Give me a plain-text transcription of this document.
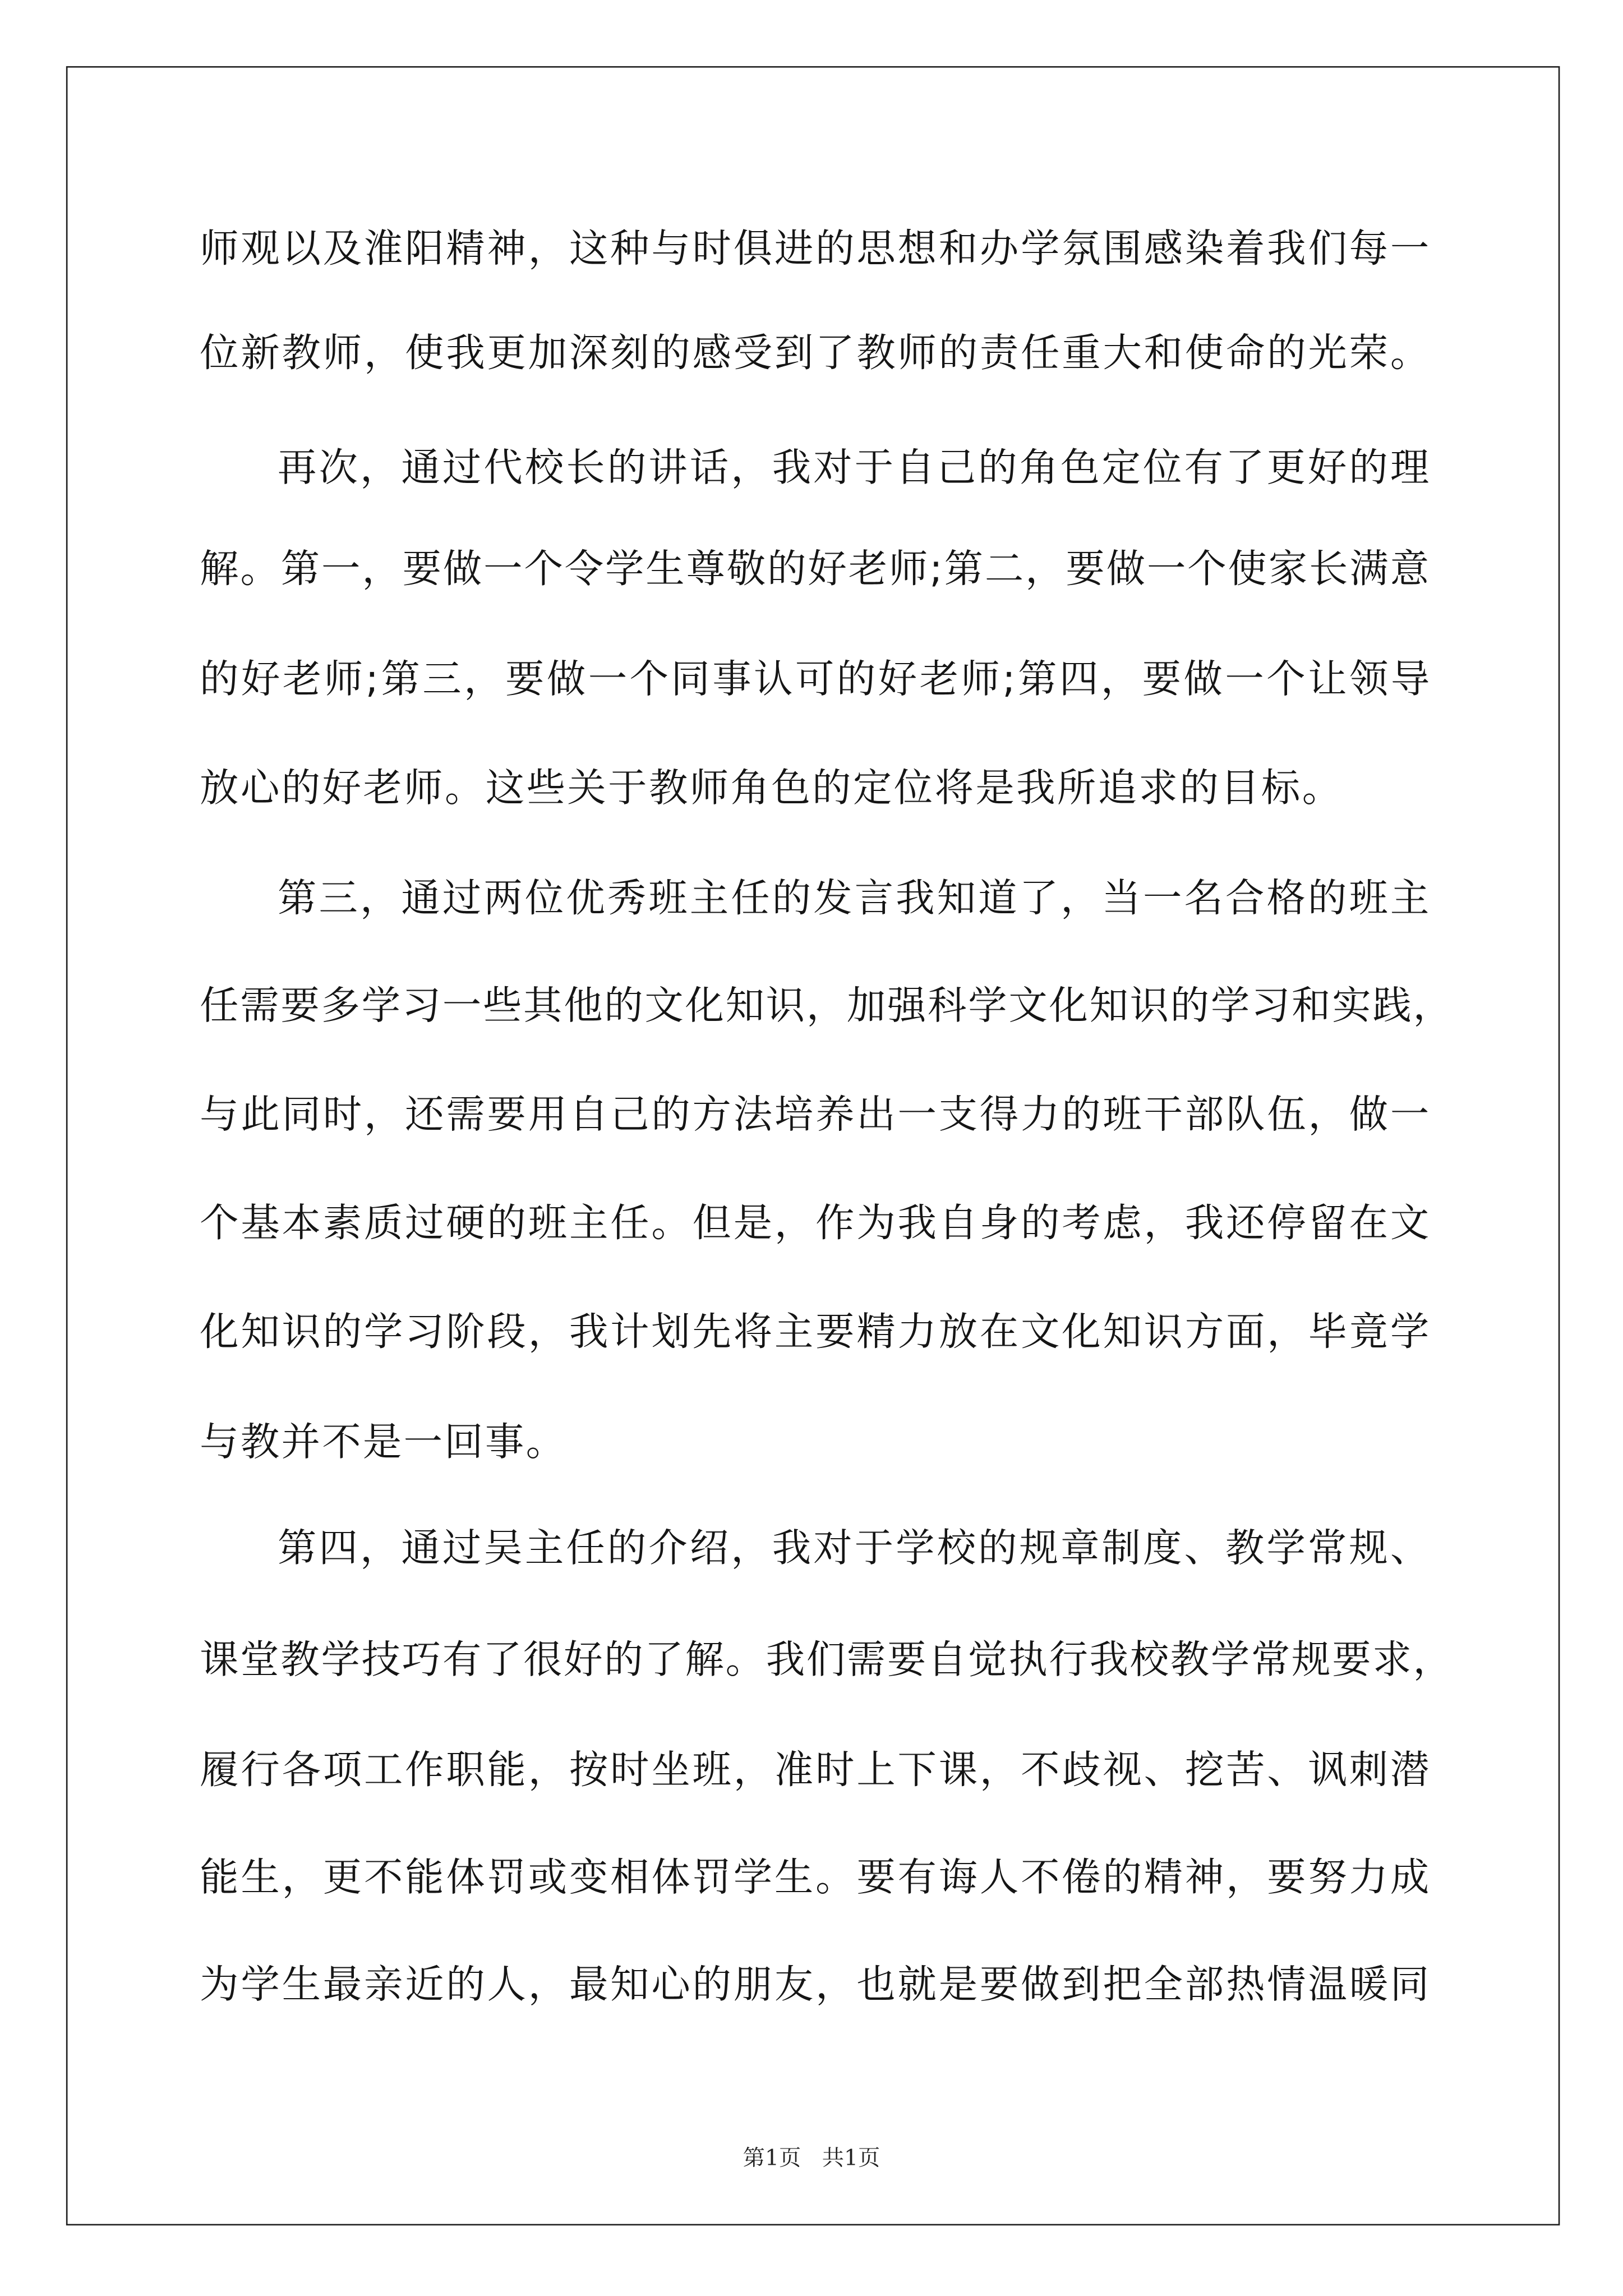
师观以及淮阳精神，这种与时俱进的思想和办学氛围感染着我们每一
位新教师，使我更加深刻的感受到了教师的责任重大和使命的光荣。
再次，通过代校长的讲话，我对于自己的角色定位有了更好的理
解。第一，要做一个令学生尊敬的好老师;第二，要做一个使家长满意
的好老师;第三，要做一个同事认可的好老师;第四，要做一个让领导
放心的好老师。这些关于教师角色的定位将是我所追求的目标。
第三，通过两位优秀班主任的发言我知道了，当一名合格的班主
任需要多学习一些其他的文化知识，加强科学文化知识的学习和实践，
与此同时，还需要用自己的方法培养出一支得力的班干部队伍，做一
个基本素质过硬的班主任。但是，作为我自身的考虑，我还停留在文
化知识的学习阶段，我计划先将主要精力放在文化知识方面，毕竟学
与教并不是一回事。
第四，通过吴主任的介绍，我对于学校的规章制度、教学常规、
课堂教学技巧有了很好的了解。我们需要自觉执行我校教学常规要求，
履行各项工作职能，按时坐班，准时上下课，不歧视、挖苦、讽刺潜
能生，更不能体罚或变相体罚学生。要有诲人不倦的精神，要努力成
为学生最亲近的人，最知心的朋友，也就是要做到把全部热情温暖同
第1页   共1页
